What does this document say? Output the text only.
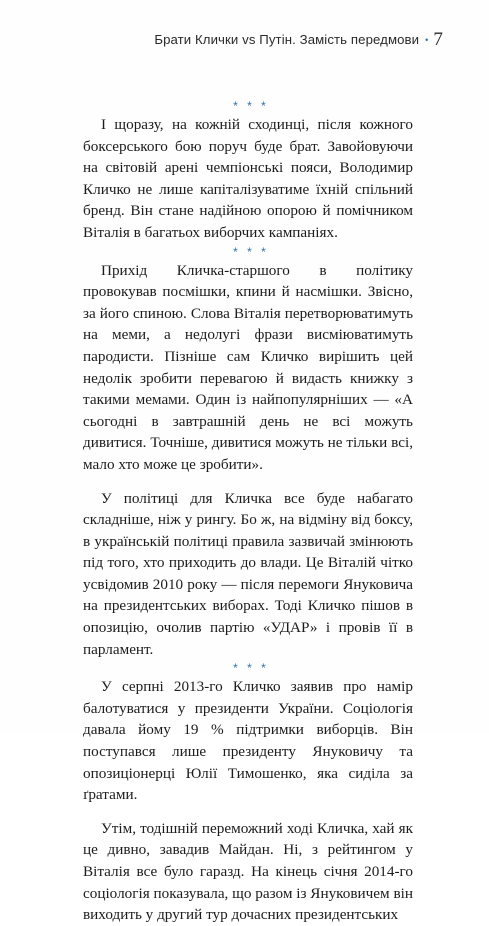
Брати Клички vs Путін. Замість передмови • 7
* * *

І щоразу, на кожній сходинці, після кожного боксерського бою поруч буде брат. Завойовуючи на світовій арені чемпіонські пояси, Володимир Кличко не лише капіталізуватиме їхній спільний бренд. Він стане надійною опорою й помічником Віталія в багатьох виборчих кампаніях.

* * *

Прихід Кличка-старшого в політику провокував посмішки, кпини й насмішки. Звісно, за його спиною. Слова Віталія перетворюватимуть на меми, а недолугі фрази висміюватимуть пародисти. Пізніше сам Кличко вирішить цей недолік зробити перевагою й видасть книжку з такими мемами. Один із найпопулярніших — «А сьогодні в завтрашній день не всі можуть дивитися. Точніше, дивитися можуть не тільки всі, мало хто може це зробити».

У політиці для Кличка все буде набагато складніше, ніж у рингу. Бо ж, на відміну від боксу, в українській політиці правила зазвичай змінюють під того, хто приходить до влади. Це Віталій чітко усвідомив 2010 року — після перемоги Януковича на президентських виборах. Тоді Кличко пішов в опозицію, очолив партію «УДАР» і провів її в парламент.

* * *

У серпні 2013-го Кличко заявив про намір балотуватися у президенти України. Соціологія давала йому 19 % підтримки виборців. Він поступався лише президенту Януковичу та опозиціонерці Юлії Тимошенко, яка сиділа за ґратами.

Утім, тодішній переможний ході Кличка, хай як це дивно, завадив Майдан. Ні, з рейтингом у Віталія все було гаразд. На кінець січня 2014-го соціологія показувала, що разом із Януковичем він виходить у другий тур дочасних президентських
